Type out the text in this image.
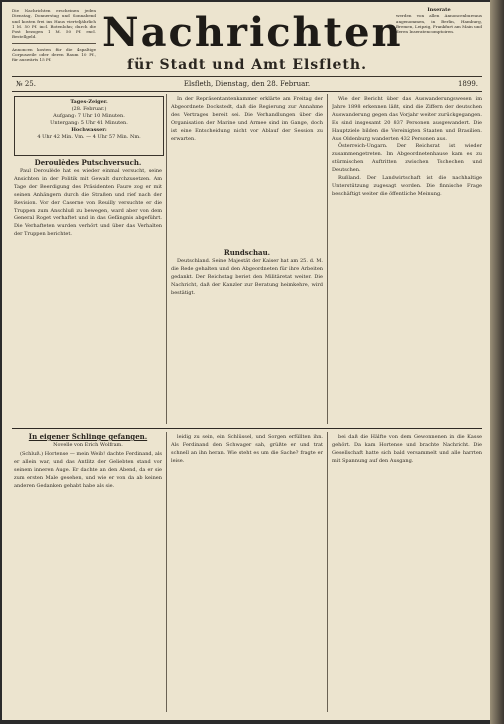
Die Nachrichten erscheinen jeden Dienstag, Donnerstag und Sonnabend und kosten frei ins Haus vierteljährlich 1 M. 50 Pf. incl. Botenlohn; durch die Post bezogen 1 M. 50 Pf. excl. Bestellgeld.
Annoncen kosten für die 4spaltige Corpuszeile oder deren Raum 10 Pf., für auswärts 15 Pf.
Nachrichten
für Stadt und Amt Elsfleth.
Inserate
werden von allen Annoncenbureaus angenommen, in Berlin, Hamburg, Bremen, Leipzig, Frankfurt am Main und deren Inseratencomptoiren.
№ 25.	Elsfleth, Dienstag, den 28. Februar.	1899.
Tages-Zeiger.
(28. Februar.)
Aufgang: 7 Uhr 10 Minuten.
Untergang: 5 Uhr 41 Minuten.
Hochwasser:
4 Uhr 42 Min. Vm. — 4 Uhr 57 Min. Nm.
Deroulèdes Putschversuch.

Paul Deroulède hat es wieder einmal versucht, seine Ansichten in der Politik mit Gewalt durchzusetzen. Am Tage der Beerdigung des Präsidenten Faure zog er mit seinen Anhängern durch die Straßen und rief nach der Revision. Vor der Caserne von Reuilly versuchte er die Truppen zum Anschluß zu bewegen, ward aber von dem General Roget verhaftet und in das Gefängnis abgeführt. Die Verhafteten wurden verhört und über das Verhalten der Truppen berichtet.

In der Repräsentantenkammer erklärte am Freitag der Abgeordnete Dockstedt, daß die Regierung zur Annahme des Vertrages bereit sei. Die Verhandlungen über die Organisation der Marine und Armee sind im Gange, doch ist eine Entscheidung nicht vor Ablauf der Session zu erwarten.

Rundschau.

Deutschland. Seine Majestät der Kaiser hat am 25. d. M. die Rede gehalten und den Abgeordneten für ihre Arbeiten gedankt. Der Reichstag beriet den Militäretat weiter. Die Nachricht, daß der Kanzler zur Beratung heimkehre, wird bestätigt.

Wie der Bericht über das Auswanderungswesen im Jahre 1898 erkennen läßt, sind die Ziffern der deutschen Auswanderung gegen das Vorjahr weiter zurückgegangen. Es sind insgesamt 20 837 Personen ausgewandert. Die Hauptziele bilden die Vereinigten Staaten und Brasilien. Aus Oldenburg wanderten 432 Personen aus.

Österreich-Ungarn. Der Reichsrat ist wieder zusammengetreten. Im Abgeordnetenhause kam es zu stürmischen Auftritten zwischen Tschechen und Deutschen.

Rußland. Der Landwirtschaft ist die nachhaltige Unterstützung zugesagt worden. Die finnische Frage beschäftigt weiter die öffentliche Meinung.

In eigener Schlinge gefangen.
Novelle von Erich Wolfram.

(Schluß.) Hortense — mein Weib! dachte Ferdinand, als er allein war, und das Antlitz der Geliebten stand vor seinem inneren Auge. Er dachte an den Abend, da er sie zum ersten Male gesehen, und wie er von da ab keinen anderen Gedanken gehabt habe als sie.

leidig zu sein, ein Schlüssel, und Sorgen erfüllten ihn. Als Ferdinand den Schwager sah, grüßte er und trat schnell an ihn heran. Wie steht es um die Sache? fragte er leise.

bei daß die Hälfte von dem Gewonnenen in die Kasse gehört. Da kam Hortense und brachte Nachricht. Die Gesellschaft hatte sich bald versammelt und alle harrten mit Spannung auf den Ausgang.
